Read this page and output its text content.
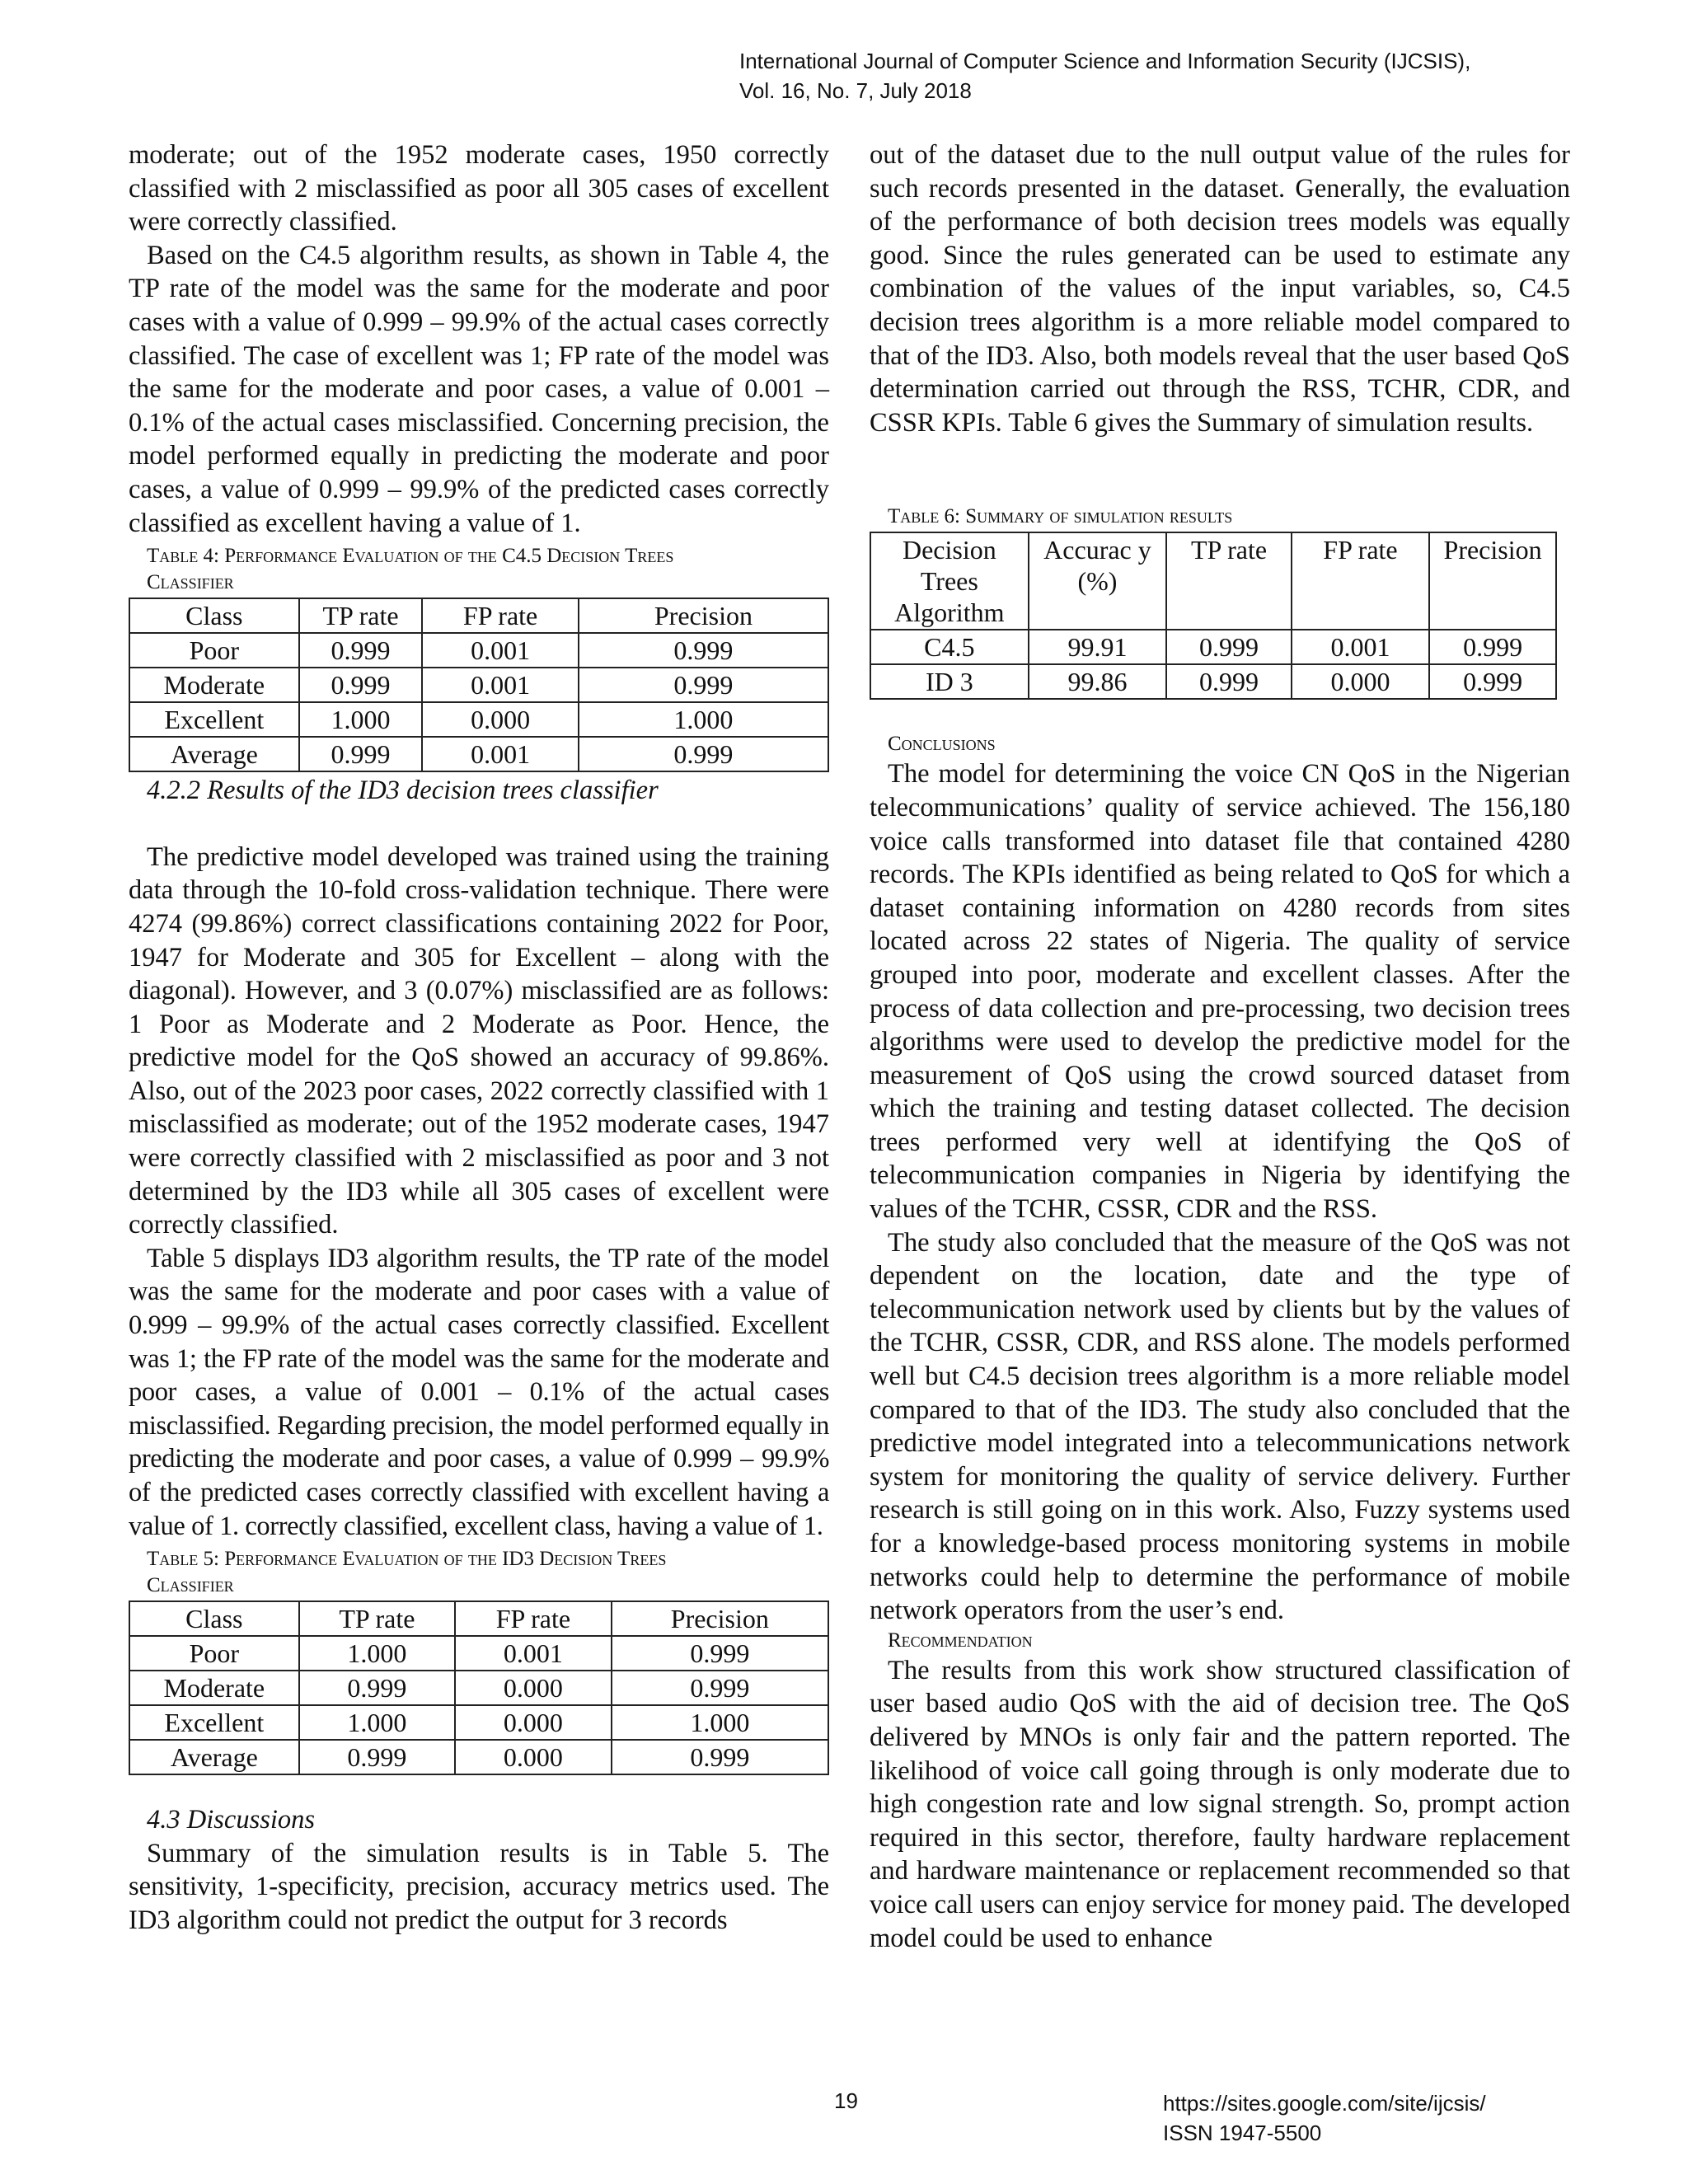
International Journal of Computer Science and Information Security (IJCSIS),
Vol. 16, No. 7, July 2018

moderate; out of the 1952 moderate cases, 1950 correctly classified with 2 misclassified as poor all 305 cases of excellent were correctly classified.

Based on the C4.5 algorithm results, as shown in Table 4, the TP rate of the model was the same for the moderate and poor cases with a value of 0.999 – 99.9% of the actual cases correctly classified. The case of excellent was 1; FP rate of the model was the same for the moderate and poor cases, a value of 0.001 – 0.1% of the actual cases misclassified. Concerning precision, the model performed equally in predicting the moderate and poor cases, a value of 0.999 – 99.9% of the predicted cases correctly classified as excellent having a value of 1.

Table 4: Performance Evaluation of the C4.5 Decision Trees

Classifier

Class	TP rate	FP rate	Precision
Poor	0.999	0.001	0.999
Moderate	0.999	0.001	0.999
Excellent	1.000	0.000	1.000
Average	0.999	0.001	0.999

4.2.2 Results of the ID3 decision trees classifier

The predictive model developed was trained using the training data through the 10-fold cross-validation technique. There were 4274 (99.86%) correct classifications containing 2022 for Poor, 1947 for Moderate and 305 for Excellent – along with the diagonal). However, and 3 (0.07%) misclassified are as follows: 1 Poor as Moderate and 2 Moderate as Poor. Hence, the predictive model for the QoS showed an accuracy of 99.86%. Also, out of the 2023 poor cases, 2022 correctly classified with 1 misclassified as moderate; out of the 1952 moderate cases, 1947 were correctly classified with 2 misclassified as poor and 3 not determined by the ID3 while all 305 cases of excellent were correctly classified.

Table 5 displays ID3 algorithm results, the TP rate of the model was the same for the moderate and poor cases with a value of 0.999 – 99.9% of the actual cases correctly classified. Excellent was 1; the FP rate of the model was the same for the moderate and poor cases, a value of 0.001 – 0.1% of the actual cases misclassified. Regarding precision, the model performed equally in predicting the moderate and poor cases, a value of 0.999 – 99.9% of the predicted cases correctly classified with excellent having a value of 1. correctly classified, excellent class, having a value of 1.

Table 5: Performance Evaluation of the ID3 Decision Trees

Classifier

Class	TP rate	FP rate	Precision
Poor	1.000	0.001	0.999
Moderate	0.999	0.000	0.999
Excellent	1.000	0.000	1.000
Average	0.999	0.000	0.999

4.3 Discussions

Summary of the simulation results is in Table 5. The sensitivity, 1-specificity, precision, accuracy metrics used. The ID3 algorithm could not predict the output for 3 records

out of the dataset due to the null output value of the rules for such records presented in the dataset. Generally, the evaluation of the performance of both decision trees models was equally good. Since the rules generated can be used to estimate any combination of the values of the input variables, so, C4.5 decision trees algorithm is a more reliable model compared to that of the ID3. Also, both models reveal that the user based QoS determination carried out through the RSS, TCHR, CDR, and CSSR KPIs. Table 6 gives the Summary of simulation results.

Table 6: Summary of simulation results

Decision Trees Algorithm	Accurac y (%)	TP rate	FP rate	Precision
C4.5	99.91	0.999	0.001	0.999
ID 3	99.86	0.999	0.000	0.999

Conclusions

The model for determining the voice CN QoS in the Nigerian telecommunications’ quality of service achieved. The 156,180 voice calls transformed into dataset file that contained 4280 records. The KPIs identified as being related to QoS for which a dataset containing information on 4280 records from sites located across 22 states of Nigeria. The quality of service grouped into poor, moderate and excellent classes. After the process of data collection and pre-processing, two decision trees algorithms were used to develop the predictive model for the measurement of QoS using the crowd sourced dataset from which the training and testing dataset collected. The decision trees performed very well at identifying the QoS of telecommunication companies in Nigeria by identifying the values of the TCHR, CSSR, CDR and the RSS.

The study also concluded that the measure of the QoS was not dependent on the location, date and the type of telecommunication network used by clients but by the values of the TCHR, CSSR, CDR, and RSS alone. The models performed well but C4.5 decision trees algorithm is a more reliable model compared to that of the ID3. The study also concluded that the predictive model integrated into a telecommunications network system for monitoring the quality of service delivery. Further research is still going on in this work. Also, Fuzzy systems used for a knowledge-based process monitoring systems in mobile networks could help to determine the performance of mobile network operators from the user’s end.

Recommendation

The results from this work show structured classification of user based audio QoS with the aid of decision tree. The QoS delivered by MNOs is only fair and the pattern reported. The likelihood of voice call going through is only moderate due to high congestion rate and low signal strength. So, prompt action required in this sector, therefore, faulty hardware replacement and hardware maintenance or replacement recommended so that voice call users can enjoy service for money paid. The developed model could be used to enhance

19	https://sites.google.com/site/ijcsis/
ISSN 1947-5500
